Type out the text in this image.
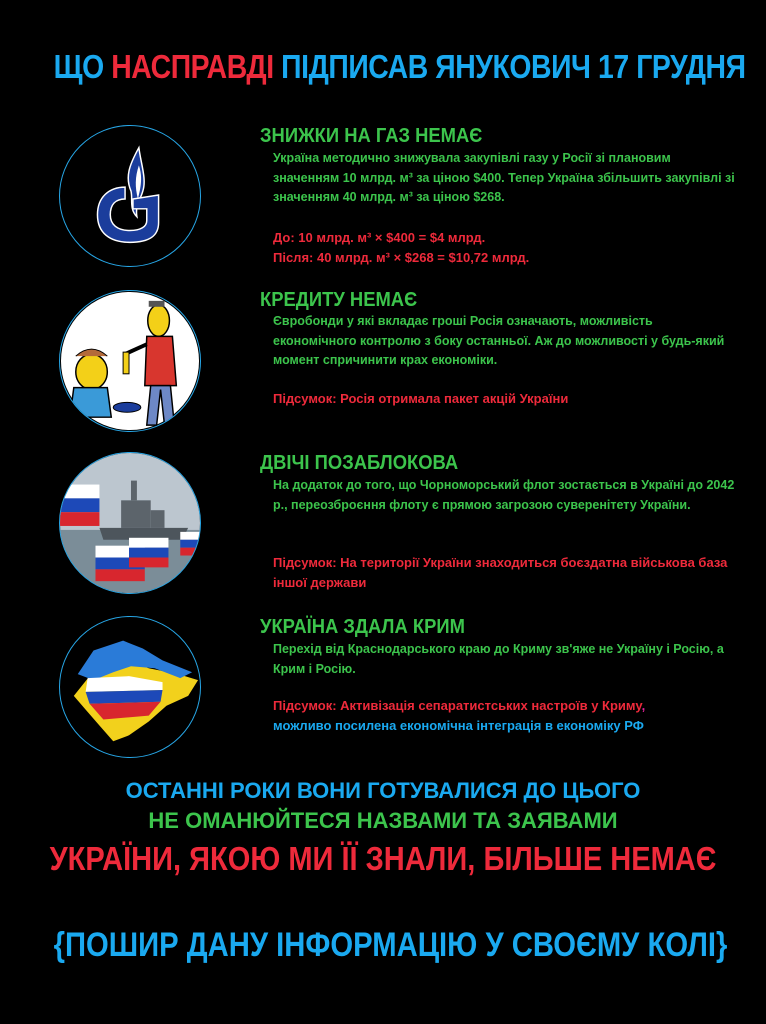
ЩО НАСПРАВДІ ПІДПИСАВ ЯНУКОВИЧ 17 ГРУДНЯ
ЗНИЖКИ НА ГАЗ НЕМАЄ
Україна методично знижувала закупівлі газу у Росії зі плановим значенням 10 млрд. м³ за ціною $400. Тепер Україна збільшить закупівлі зі значенням 40 млрд. м³ за ціною $268.
До: 10 млрд. м³ × $400 = $4 млрд.
Після: 40 млрд. м³ × $268 = $10,72 млрд.
КРЕДИТУ НЕМАЄ
Євробонди у які вкладає гроші Росія означають, можливість економічного контролю з боку останньої. Аж до можливості у будь-який момент спричинити крах економіки.
Підсумок: Росія отримала пакет акцій України
ДВІЧІ ПОЗАБЛОКОВА
На додаток до того, що Чорноморський флот зостається в Україні до 2042 р., переозброєння флоту є прямою загрозою суверенітету України.
Підсумок: На території України знаходиться боєздатна військова база іншої держави
УКРАЇНА ЗДАЛА КРИМ
Перехід від Краснодарського краю до Криму зв'яже не Україну і Росію, а Крим і Росію.
Підсумок: Активізація сепаратистських настроїв у Криму,
можливо посилена економічна інтеграція в економіку РФ
ОСТАННІ РОКИ ВОНИ ГОТУВАЛИСЯ ДО ЦЬОГО
НЕ ОМАНЮЙТЕСЯ НАЗВАМИ ТА ЗАЯВАМИ
УКРАЇНИ, ЯКОЮ МИ ЇЇ ЗНАЛИ, БІЛЬШЕ НЕМАЄ
{ПОШИР ДАНУ ІНФОРМАЦІЮ У СВОЄМУ КОЛІ}
